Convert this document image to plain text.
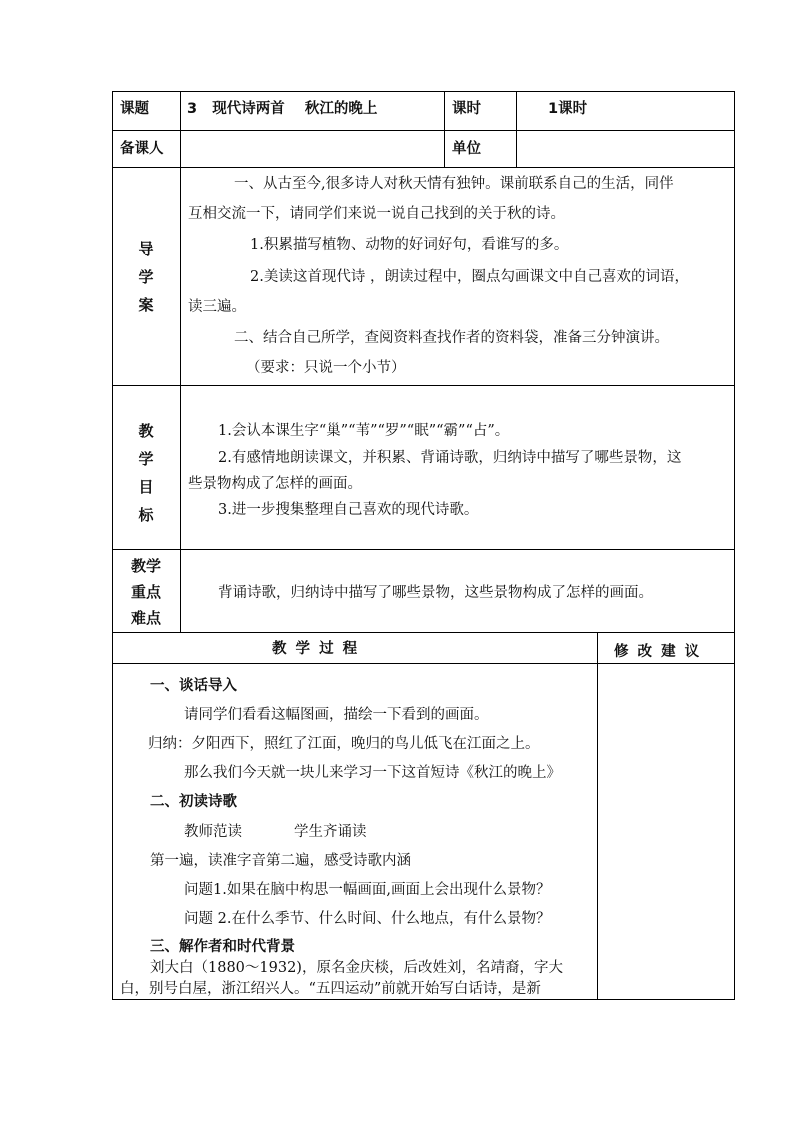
课题	3   现代诗两首    秋江的晚上	课时	1课时
备课人	单位
导
学
案
一、从古至今,很多诗人对秋天情有独钟。课前联系自己的生活，同伴
互相交流一下，请同学们来说一说自己找到的关于秋的诗。
1.积累描写植物、动物的好词好句，看谁写的多。
2.美读这首现代诗 ，朗读过程中，圈点勾画课文中自己喜欢的词语，
读三遍。
二、结合自己所学，查阅资料查找作者的资料袋，准备三分钟演讲。
（要求：只说一个小节）
教
学
目
标
1.会认本课生字“巢”“苇”“罗”“眠”“霸”“占”。
2.有感情地朗读课文，并积累、背诵诗歌，归纳诗中描写了哪些景物，这
些景物构成了怎样的画面。
3.进一步搜集整理自己喜欢的现代诗歌。
教学
重点
难点
背诵诗歌，归纳诗中描写了哪些景物，这些景物构成了怎样的画面。
教 学 过 程	修 改 建 议
一、谈话导入
请同学们看看这幅图画，描绘一下看到的画面。
归纳：夕阳西下，照红了江面，晚归的鸟儿低飞在江面之上。
那么我们今天就一块儿来学习一下这首短诗《秋江的晚上》
二、初读诗歌
教师范读	学生齐诵读
第一遍，读准字音第二遍，感受诗歌内涵
问题1.如果在脑中构思一幅画面,画面上会出现什么景物？
问题 2.在什么季节、什么时间、什么地点，有什么景物？
三、解作者和时代背景
刘大白（1880～1932)，原名金庆棪，后改姓刘，名靖裔，字大
白，别号白屋，浙江绍兴人。“五四运动”前就开始写白话诗，是新
